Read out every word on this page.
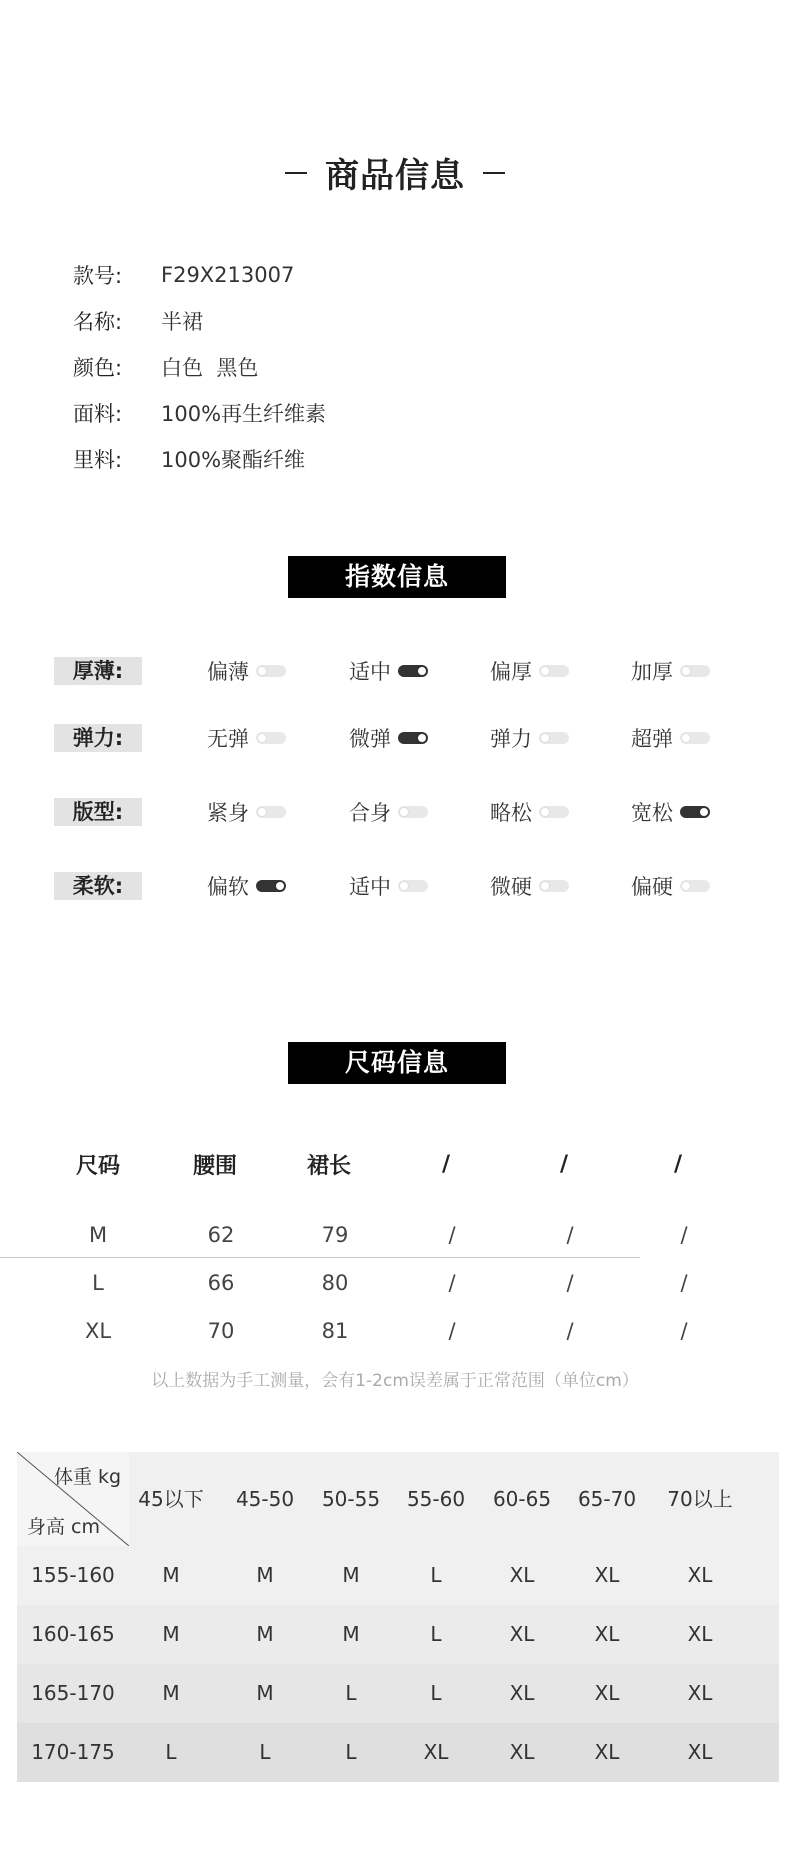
商品信息
款号:	F29X213007
名称:	半裙
颜色:	白色  黑色
面料:	100%再生纤维素
里料:	100%聚酯纤维
指数信息
厚薄:	偏薄	适中	偏厚	加厚
弹力:	无弹	微弹	弹力	超弹
版型:	紧身	合身	略松	宽松
柔软:	偏软	适中	微硬	偏硬
尺码信息
尺码	腰围	裙长	/	/	/
M	62	79	/	/	/
L	66	80	/	/	/
XL	70	81	/	/	/
以上数据为手工测量，会有1-2cm误差属于正常范围（单位cm）
体重 kg
身高 cm
45以下 45-50 50-55 55-60 60-65 65-70 70以上
155-160	M	M	M	L	XL	XL	XL
160-165	M	M	M	L	XL	XL	XL
165-170	M	M	L	L	XL	XL	XL
170-175	L	L	L	XL	XL	XL	XL
